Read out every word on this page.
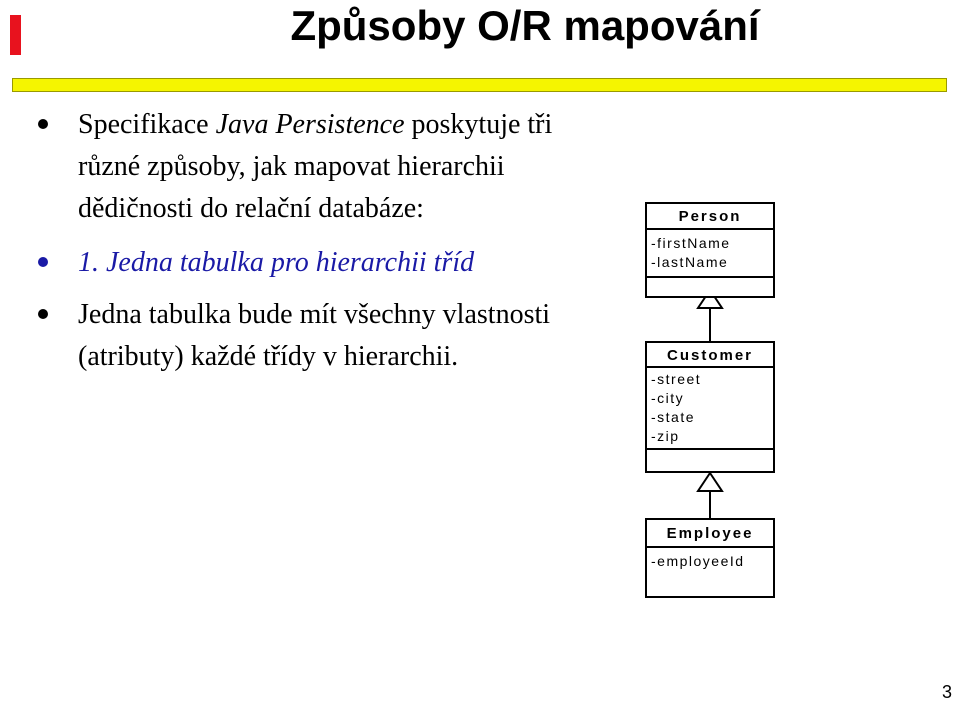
Způsoby O/R mapování
Specifikace Java Persistence poskytuje tři různé způsoby, jak mapovat hierarchii dědičnosti do relační databáze:
1. Jedna tabulka pro hierarchii tříd
Jedna tabulka bude mít všechny vlastnosti (atributy) každé třídy v hierarchii.
Person
-firstName
-lastName
Customer
-street
-city
-state
-zip
Employee
-employeeId
3
